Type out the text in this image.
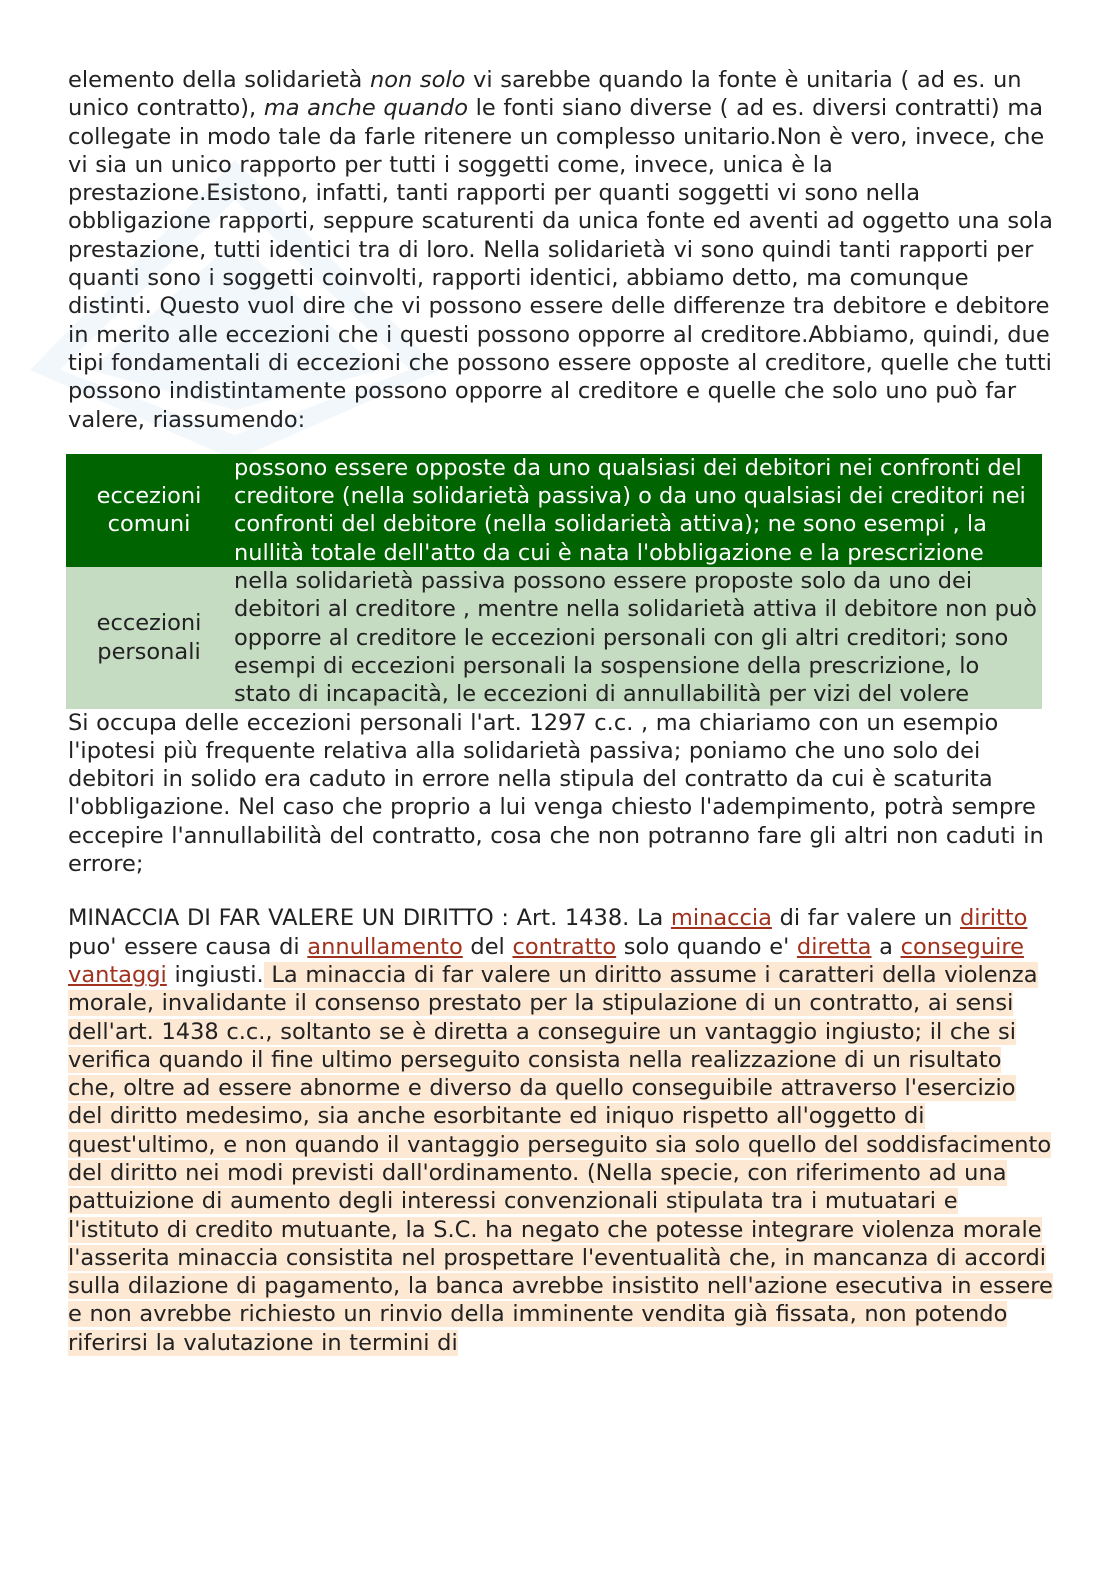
elemento della solidarietà non solo vi sarebbe quando la fonte è unitaria ( ad es. un unico contratto), ma anche quando le fonti siano diverse ( ad es. diversi contratti) ma collegate in modo tale da farle ritenere un complesso unitario.Non è vero, invece, che vi sia un unico rapporto per tutti i soggetti come, invece, unica è la prestazione.Esistono, infatti, tanti rapporti per quanti soggetti vi sono nella obbligazione rapporti, seppure scaturenti da unica fonte ed aventi ad oggetto una sola prestazione, tutti identici tra di loro. Nella solidarietà vi sono quindi tanti rapporti per quanti sono i soggetti coinvolti, rapporti identici, abbiamo detto, ma comunque distinti. Questo vuol dire che vi possono essere delle differenze tra debitore e debitore in merito alle eccezioni che i questi possono opporre al creditore.Abbiamo, quindi, due tipi fondamentali di eccezioni che possono essere opposte al creditore, quelle che tutti possono indistintamente possono opporre al creditore e quelle che solo uno può far valere, riassumendo:

eccezioni
comuni	possono essere opposte da uno qualsiasi dei debitori nei confronti del creditore (nella solidarietà passiva) o da uno qualsiasi dei creditori nei confronti del debitore (nella solidarietà attiva); ne sono esempi , la nullità totale dell'atto da cui è nata l'obbligazione e la prescrizione
eccezioni
personali	nella solidarietà passiva possono essere proposte solo da uno dei debitori al creditore , mentre nella solidarietà attiva il debitore non può opporre al creditore le eccezioni personali con gli altri creditori; sono esempi di eccezioni personali la sospensione della prescrizione, lo stato di incapacità, le eccezioni di annullabilità per vizi del volere

Si occupa delle eccezioni personali l'art. 1297 c.c. , ma chiariamo con un esempio l'ipotesi più frequente relativa alla solidarietà passiva; poniamo che uno solo dei debitori in solido era caduto in errore nella stipula del contratto da cui è scaturita l'obbligazione. Nel caso che proprio a lui venga chiesto l'adempimento, potrà sempre eccepire l'annullabilità del contratto, cosa che non potranno fare gli altri non caduti in errore;

MINACCIA DI FAR VALERE UN DIRITTO : Art. 1438. La minaccia di far valere un diritto puo' essere causa di annullamento del contratto solo quando e' diretta a conseguire vantaggi ingiusti. La minaccia di far valere un diritto assume i caratteri della violenza morale, invalidante il consenso prestato per la stipulazione di un contratto, ai sensi dell'art. 1438 c.c., soltanto se è diretta a conseguire un vantaggio ingiusto; il che si verifica quando il fine ultimo perseguito consista nella realizzazione di un risultato che, oltre ad essere abnorme e diverso da quello conseguibile attraverso l'esercizio del diritto medesimo, sia anche esorbitante ed iniquo rispetto all'oggetto di quest'ultimo, e non quando il vantaggio perseguito sia solo quello del soddisfacimento del diritto nei modi previsti dall'ordinamento. (Nella specie, con riferimento ad una pattuizione di aumento degli interessi convenzionali stipulata tra i mutuatari e l'istituto di credito mutuante, la S.C. ha negato che potesse integrare violenza morale l'asserita minaccia consistita nel prospettare l'eventualità che, in mancanza di accordi sulla dilazione di pagamento, la banca avrebbe insistito nell'azione esecutiva in essere e non avrebbe richiesto un rinvio della imminente vendita già fissata, non potendo riferirsi la valutazione in termini di
